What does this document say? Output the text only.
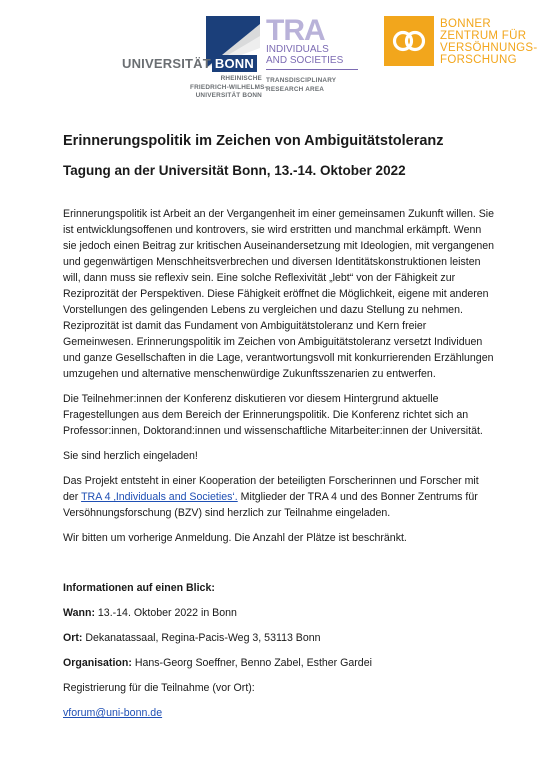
UNIVERSITÄT BONN
RHEINISCHE
FRIEDRICH-WILHELMS-
UNIVERSITÄT BONN
TRA
INDIVIDUALS
AND SOCIETIES
TRANSDISCIPLINARY
RESEARCH AREA
BONNER
ZENTRUM FÜR
VERSÖHNUNGS-
FORSCHUNG
Erinnerungspolitik im Zeichen von Ambiguitätstoleranz
Tagung an der Universität Bonn, 13.-14. Oktober 2022

Erinnerungspolitik ist Arbeit an der Vergangenheit im einer gemeinsamen Zukunft willen. Sie ist entwicklungsoffenen und kontrovers, sie wird erstritten und manchmal erkämpft. Wenn sie jedoch einen Beitrag zur kritischen Auseinandersetzung mit Ideologien, mit vergangenen und gegenwärtigen Menschheitsverbrechen und diversen Identitätskonstruktionen leisten will, dann muss sie reflexiv sein. Eine solche Reflexivität „lebt“ von der Fähigkeit zur Reziprozität der Perspektiven. Diese Fähigkeit eröffnet die Möglichkeit, eigene mit anderen Vorstellungen des gelingenden Lebens zu vergleichen und dazu Stellung zu nehmen. Reziprozität ist damit das Fundament von Ambiguitätstoleranz und Kern freier Gemeinwesen. Erinnerungspolitik im Zeichen von Ambiguitätstoleranz versetzt Individuen und ganze Gesellschaften in die Lage, verantwortungsvoll mit konkurrierenden Erzählungen umzugehen und alternative menschenwürdige Zukunftsszenarien zu entwerfen.

Die Teilnehmer:innen der Konferenz diskutieren vor diesem Hintergrund aktuelle Fragestellungen aus dem Bereich der Erinnerungspolitik. Die Konferenz richtet sich an Professor:innen, Doktorand:innen und wissenschaftliche Mitarbeiter:innen der Universität.

Sie sind herzlich eingeladen!

Das Projekt entsteht in einer Kooperation der beteiligten Forscherinnen und Forscher mit der TRA 4 ‚Individuals and Societies‘. Mitglieder der TRA 4 und des Bonner Zentrums für Versöhnungsforschung (BZV) sind herzlich zur Teilnahme eingeladen.

Wir bitten um vorherige Anmeldung. Die Anzahl der Plätze ist beschränkt.

Informationen auf einen Blick:

Wann: 13.-14. Oktober 2022 in Bonn

Ort: Dekanatassaal, Regina-Pacis-Weg 3, 53113 Bonn

Organisation: Hans-Georg Soeffner, Benno Zabel, Esther Gardei

Registrierung für die Teilnahme (vor Ort):

vforum@uni-bonn.de
